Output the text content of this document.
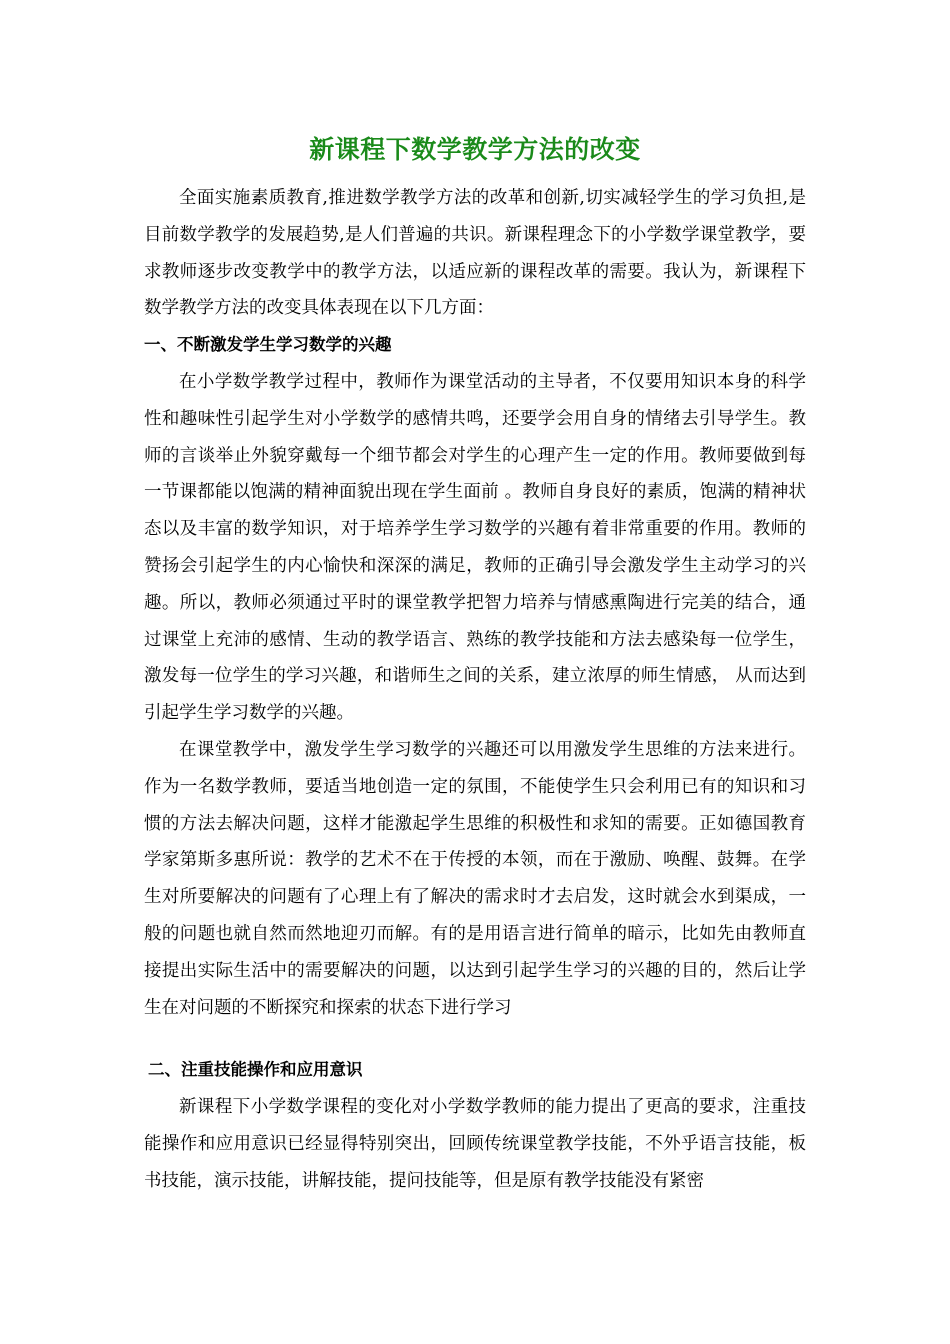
新课程下数学教学方法的改变

全面实施素质教育,推进数学教学方法的改革和创新,切实减轻学生的学习负担,是目前数学教学的发展趋势,是人们普遍的共识。新课程理念下的小学数学课堂教学，要求教师逐步改变教学中的教学方法，以适应新的课程改革的需要。我认为，新课程下数学教学方法的改变具体表现在以下几方面：

一、不断激发学生学习数学的兴趣

在小学数学教学过程中，教师作为课堂活动的主导者，不仅要用知识本身的科学性和趣味性引起学生对小学数学的感情共鸣，还要学会用自身的情绪去引导学生。教师的言谈举止外貌穿戴每一个细节都会对学生的心理产生一定的作用。教师要做到每一节课都能以饱满的精神面貌出现在学生面前 。教师自身良好的素质，饱满的精神状态以及丰富的数学知识，对于培养学生学习数学的兴趣有着非常重要的作用。教师的赞扬会引起学生的内心愉快和深深的满足，教师的正确引导会激发学生主动学习的兴趣。所以，教师必须通过平时的课堂教学把智力培养与情感熏陶进行完美的结合，通过课堂上充沛的感情、生动的教学语言、熟练的教学技能和方法去感染每一位学生，激发每一位学生的学习兴趣，和谐师生之间的关系，建立浓厚的师生情感， 从而达到引起学生学习数学的兴趣。

在课堂教学中，激发学生学习数学的兴趣还可以用激发学生思维的方法来进行。作为一名数学教师，要适当地创造一定的氛围，不能使学生只会利用已有的知识和习惯的方法去解决问题，这样才能激起学生思维的积极性和求知的需要。正如德国教育学家第斯多惠所说：教学的艺术不在于传授的本领，而在于激励、唤醒、鼓舞。在学生对所要解决的问题有了心理上有了解决的需求时才去启发，这时就会水到渠成，一般的问题也就自然而然地迎刃而解。有的是用语言进行简单的暗示，比如先由教师直接提出实际生活中的需要解决的问题，以达到引起学生学习的兴趣的目的，然后让学生在对问题的不断探究和探索的状态下进行学习

二、注重技能操作和应用意识

新课程下小学数学课程的变化对小学数学教师的能力提出了更高的要求，注重技能操作和应用意识已经显得特别突出，回顾传统课堂教学技能，不外乎语言技能，板书技能，演示技能，讲解技能，提问技能等，但是原有教学技能没有紧密
